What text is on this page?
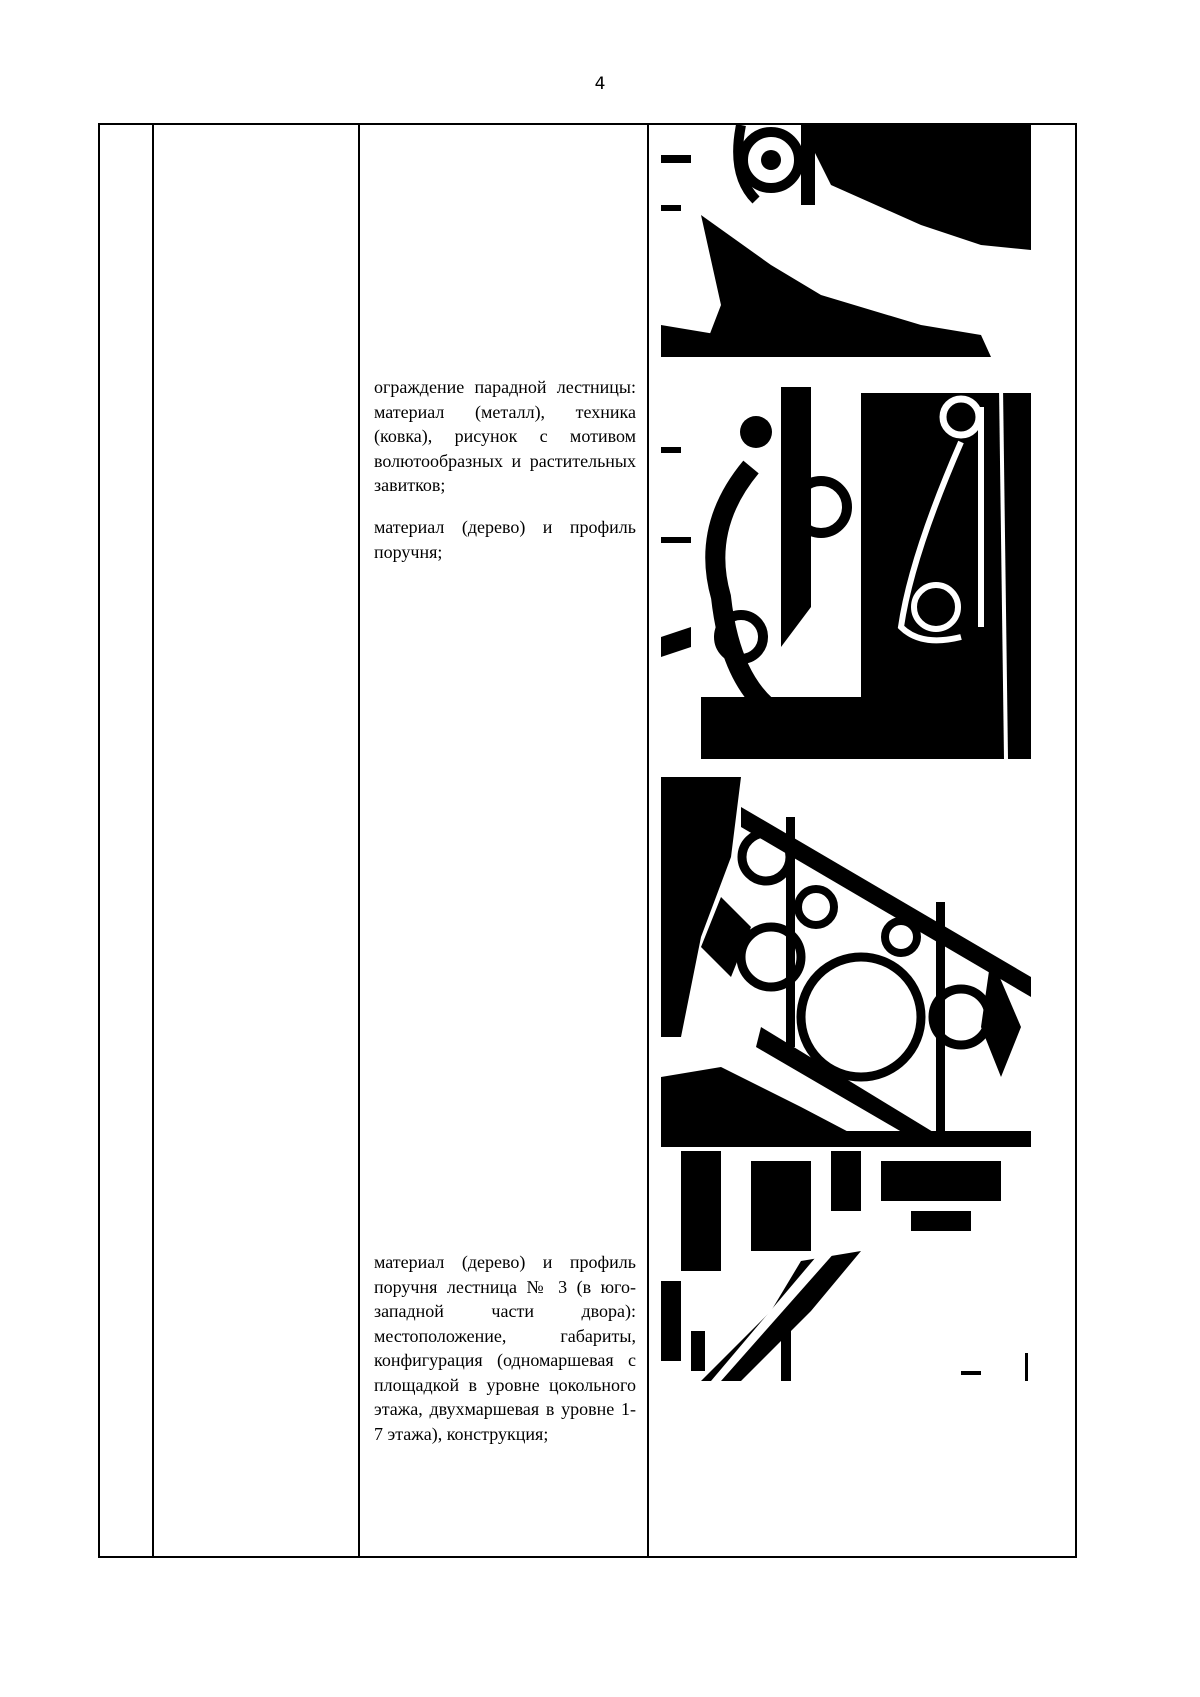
4

ограждение парадной лестницы: материал (металл), техника (ковка), рисунок с мотивом волютообразных и растительных завитков;

материал (дерево) и профиль поручня;

материал (дерево) и профиль поручня лестница № 3 (в юго-западной части двора): местоположение, габариты, конфигурация (одномаршевая с площадкой в уровне цокольного этажа, двухмаршевая в уровне 1-7 этажа), конструкция;
